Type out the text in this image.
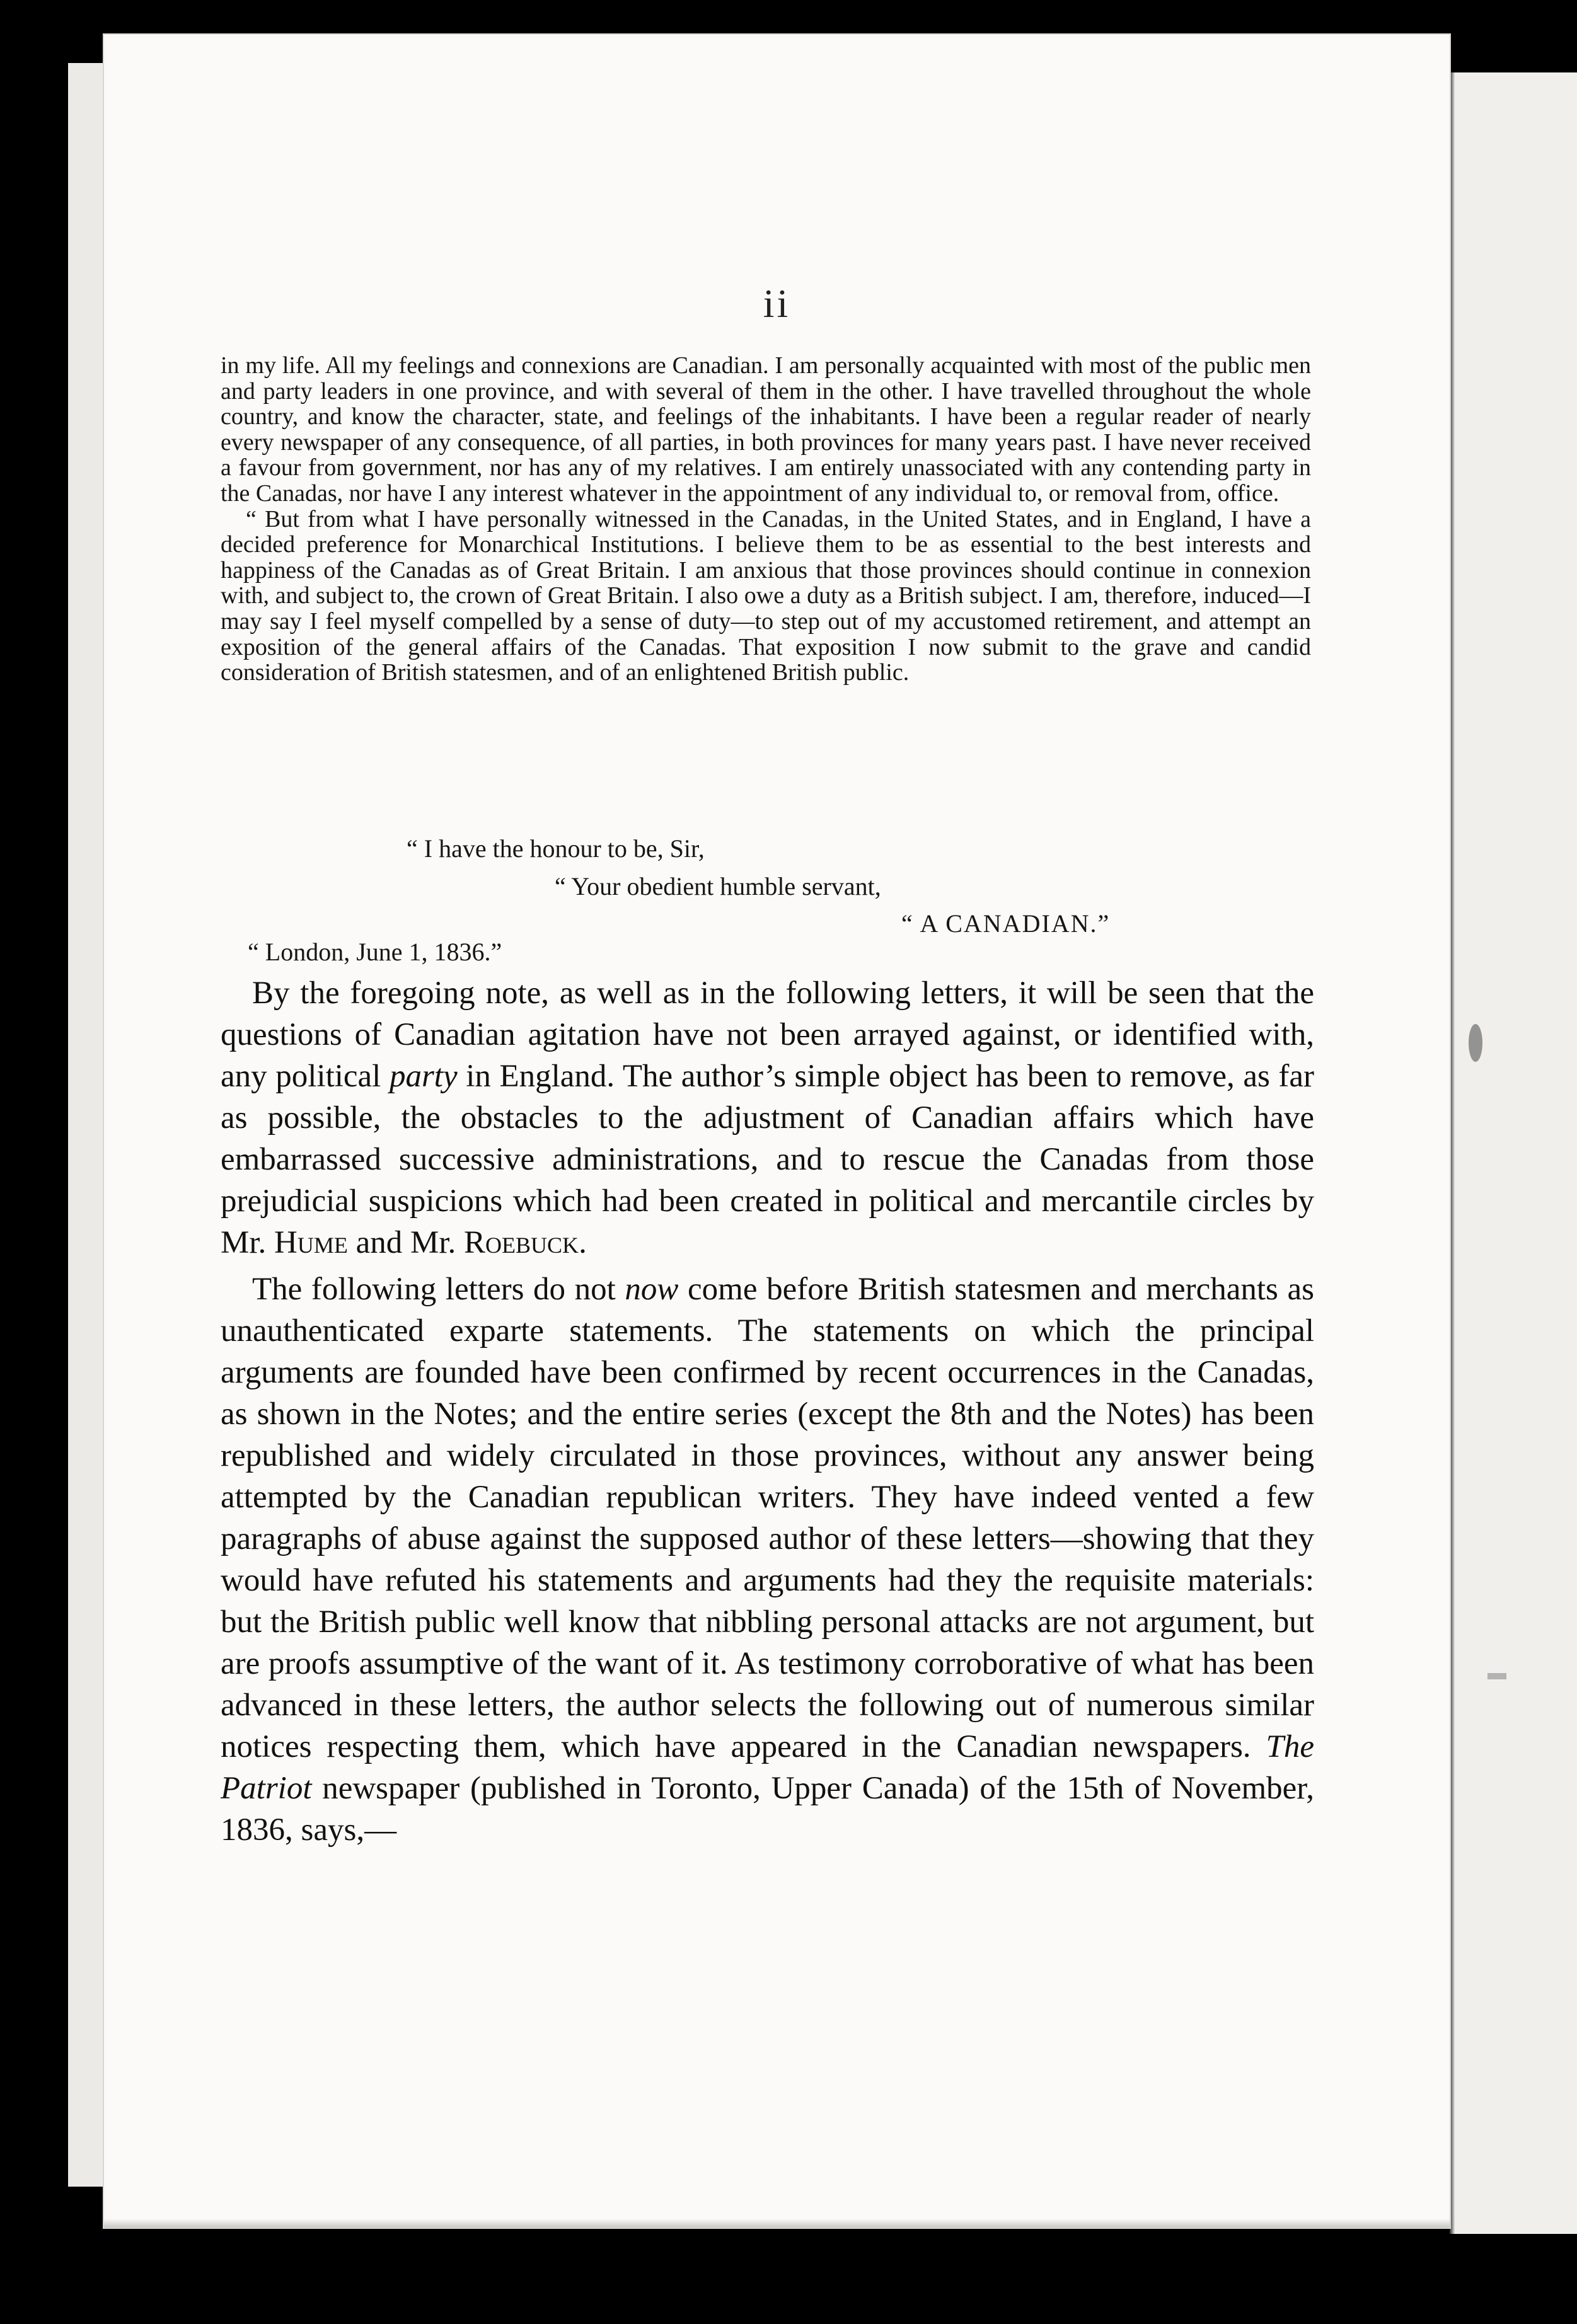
ii

in my life. All my feelings and connexions are Canadian. I am personally acquainted with most of the public men and party leaders in one province, and with several of them in the other. I have travelled throughout the whole country, and know the character, state, and feelings of the inhabitants. I have been a regular reader of nearly every newspaper of any consequence, of all parties, in both provinces for many years past. I have never received a favour from government, nor has any of my relatives. I am entirely unassociated with any contending party in the Canadas, nor have I any interest whatever in the appointment of any individual to, or removal from, office.

“ But from what I have personally witnessed in the Canadas, in the United States, and in England, I have a decided preference for Monarchical Institutions. I believe them to be as essential to the best interests and happiness of the Canadas as of Great Britain. I am anxious that those provinces should continue in connexion with, and subject to, the crown of Great Britain. I also owe a duty as a British subject. I am, therefore, induced—I may say I feel myself compelled by a sense of duty—to step out of my accustomed retirement, and attempt an exposition of the general affairs of the Canadas. That exposition I now submit to the grave and candid consideration of British statesmen, and of an enlightened British public.

“ I have the honour to be, Sir,
“ Your obedient humble servant,
“ A CANADIAN.”
“ London, June 1, 1836.”

By the foregoing note, as well as in the following letters, it will be seen that the questions of Canadian agitation have not been arrayed against, or identified with, any political party in England. The author’s simple object has been to remove, as far as possible, the obstacles to the adjustment of Canadian affairs which have embarrassed successive administrations, and to rescue the Canadas from those prejudicial suspicions which had been created in political and mercantile circles by Mr. Hume and Mr. Roebuck.

The following letters do not now come before British statesmen and merchants as unauthenticated exparte statements. The statements on which the principal arguments are founded have been confirmed by recent occurrences in the Canadas, as shown in the Notes; and the entire series (except the 8th and the Notes) has been republished and widely circulated in those provinces, without any answer being attempted by the Canadian republican writers. They have indeed vented a few paragraphs of abuse against the supposed author of these letters—showing that they would have refuted his statements and arguments had they the requisite materials: but the British public well know that nibbling personal attacks are not argument, but are proofs assumptive of the want of it. As testimony corroborative of what has been advanced in these letters, the author selects the following out of numerous similar notices respecting them, which have appeared in the Canadian newspapers. The Patriot newspaper (published in Toronto, Upper Canada) of the 15th of November, 1836, says,—
